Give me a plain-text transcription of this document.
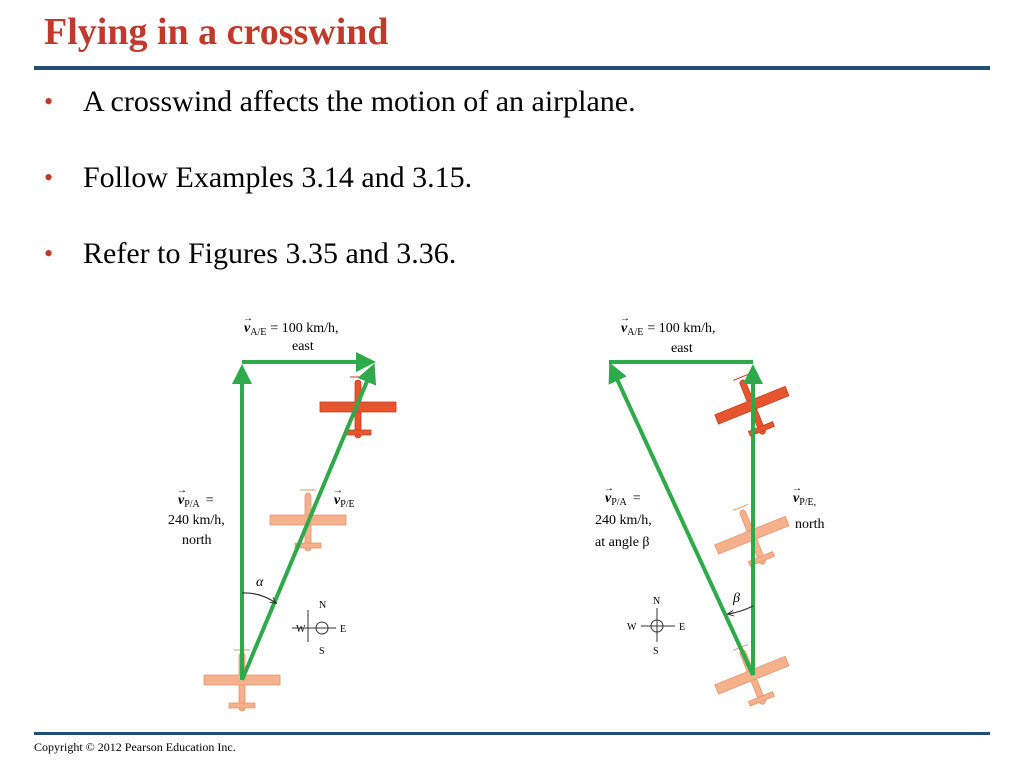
Flying in a crosswind
• A crosswind affects the motion of an airplane.
• Follow Examples 3.14 and 3.15.
• Refer to Figures 3.35 and 3.36.
α
$v_{A/E} = 100$ km/h,
→
east
$v_{P/A}$ =
→
240 km/h,
north
$v_{P/E}$
→
N
S
E
W
β
$v_{A/E} = 100$ km/h,
→
east
$v_{P/A}$ =
→
240 km/h,
at angle β
$v_{P/E,}$
→
north
N
S
E
W
Copyright © 2012 Pearson Education Inc.
